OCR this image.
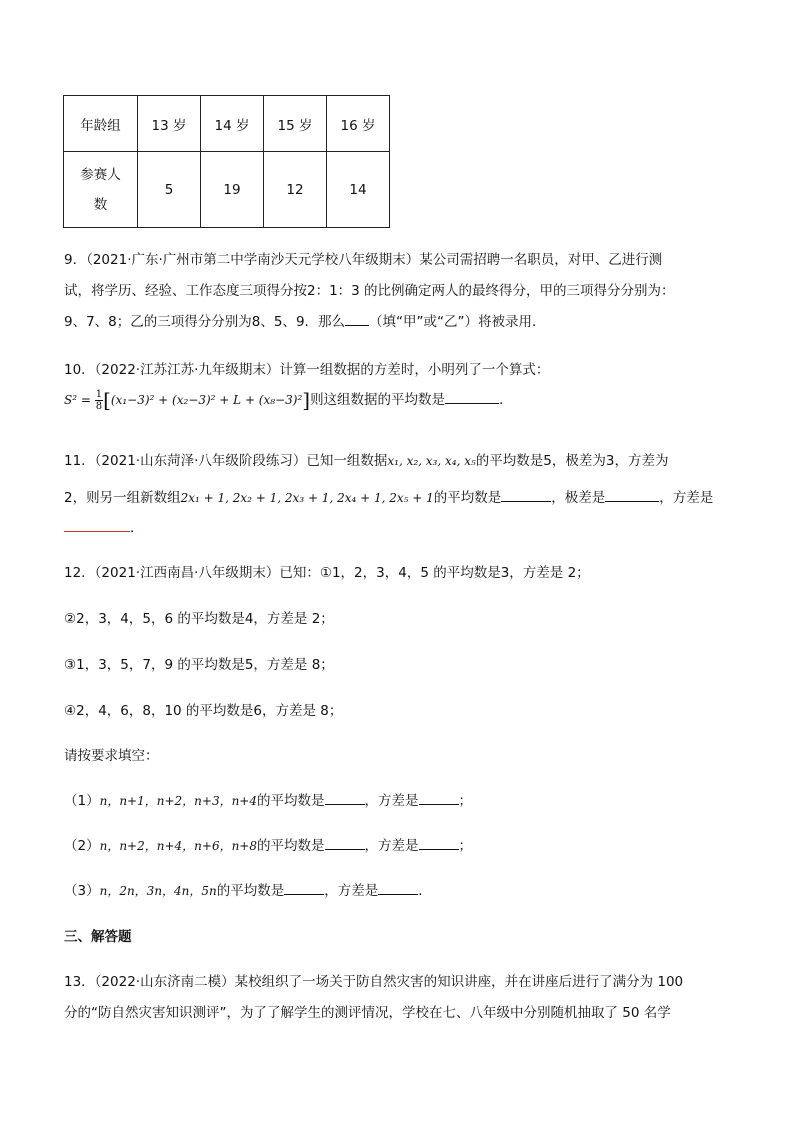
年龄组	13 岁	14 岁	15 岁	16 岁
参赛人
数	5	19	12	14
9．（2021·广东·广州市第二中学南沙天元学校八年级期末）某公司需招聘一名职员，对甲、乙进行测
试，将学历、经验、工作态度三项得分按2：1：3 的比例确定两人的最终得分，甲的三项得分分别为：
9、7、8；乙的三项得分分别为8、5、9．那么 （填“甲”或“乙”）将被录用．
10．（2022·江苏江苏·九年级期末）计算一组数据的方差时，小明列了一个算式：
$S^2 = \frac{1}{8} [(x_1-3)^2 + (x_2-3)^2 + L + (x_8-3)^2]$则这组数据的平均数是	．
11．（2021·山东菏泽·八年级阶段练习）已知一组数据x₁, x₂, x₃, x₄, x₅的平均数是5，极差为3，方差为
2，则另一组新数组2x₁ + 1, 2x₂ + 1, 2x₃ + 1, 2x₄ + 1, 2x₅ + 1的平均数是	，极差是	，方差是
．
12．（2021·江西南昌·八年级期末）已知：①1，2，3，4，5 的平均数是3，方差是 2；
②2，3，4，5，6 的平均数是4，方差是 2；
③1，3，5，7，9 的平均数是5，方差是 8；
④2，4，6，8，10 的平均数是6，方差是 8；
请按要求填空：
（1）n，n+1，n+2，n+3，n+4的平均数是	，方差是	；
（2）n，n+2，n+4，n+6，n+8的平均数是	，方差是	；
（3）n，2n，3n，4n，5n的平均数是	，方差是	．
三、解答题
13．（2022·山东济南二模）某校组织了一场关于防自然灾害的知识讲座，并在讲座后进行了满分为 100
分的“防自然灾害知识测评”，为了了解学生的测评情况，学校在七、八年级中分别随机抽取了 50 名学
